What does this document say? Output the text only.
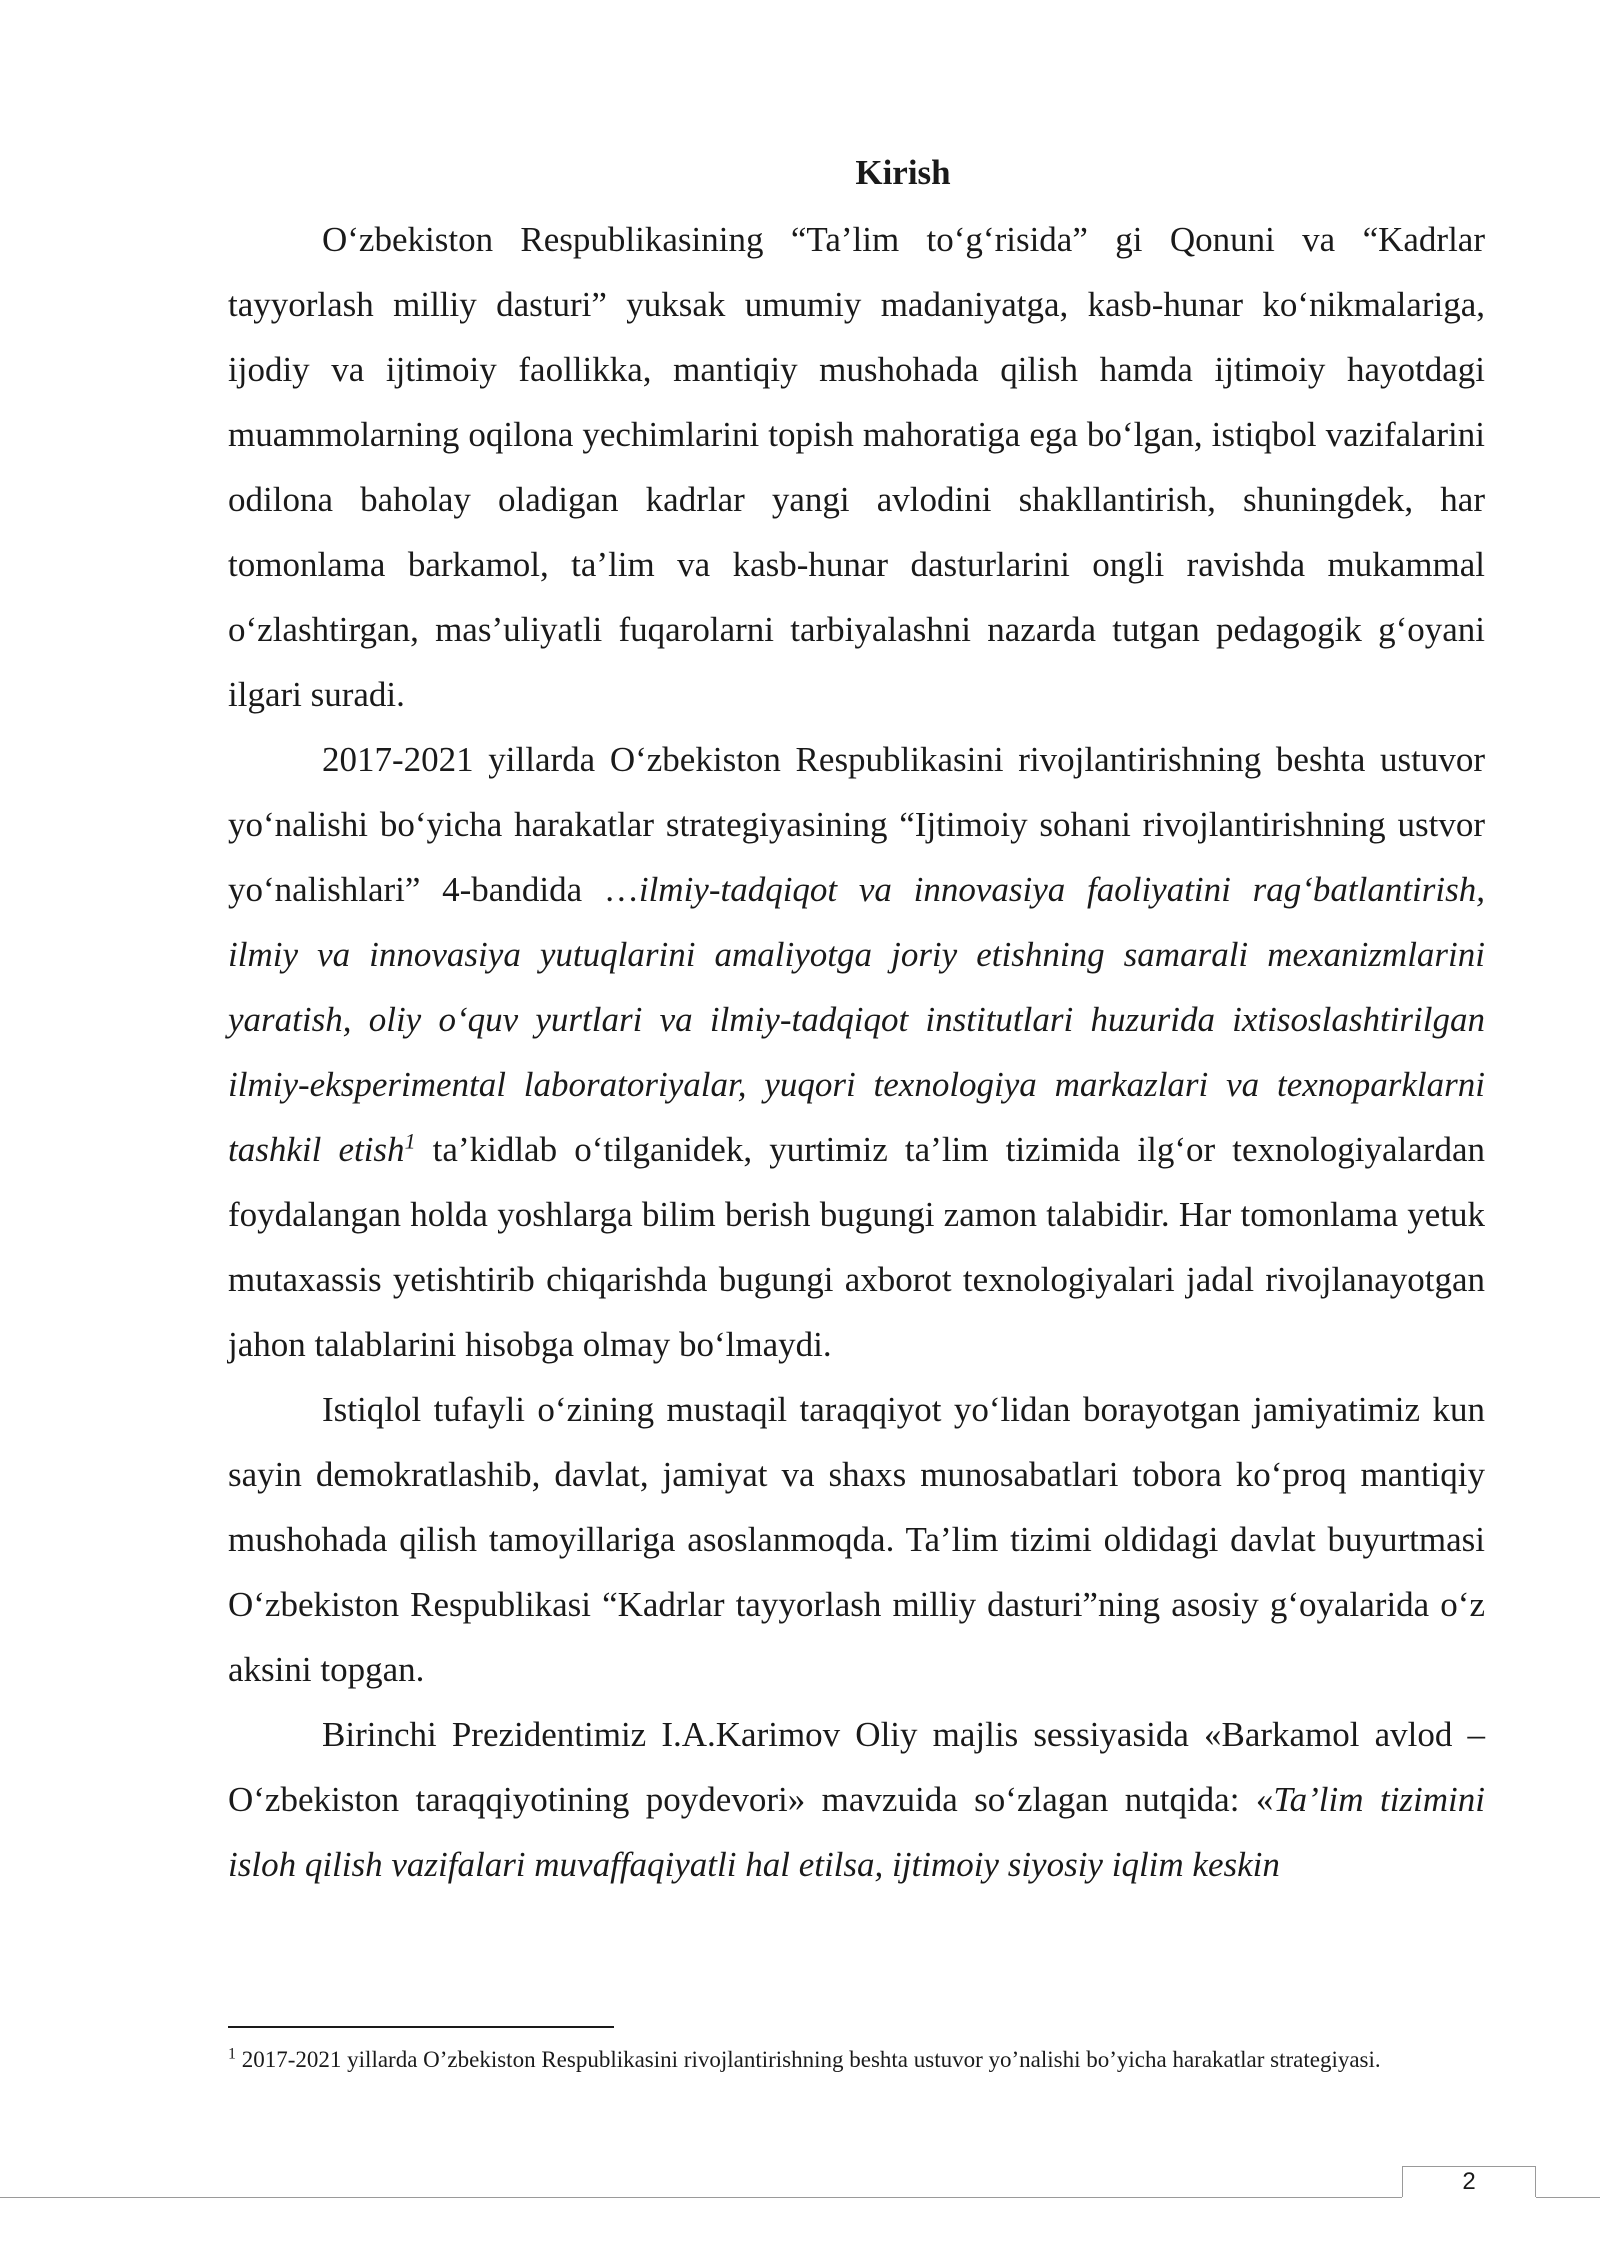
Kirish

O‘zbekiston Respublikasining “Ta’lim to‘g‘risida” gi Qonuni va “Kadrlar tayyorlash milliy dasturi” yuksak umumiy madaniyatga, kasb-hunar ko‘nikmalariga, ijodiy va ijtimoiy faollikka, mantiqiy mushohada qilish hamda ijtimoiy hayotdagi muammolarning oqilona yechimlarini topish mahoratiga ega bo‘lgan, istiqbol vazifalarini odilona baholay oladigan kadrlar yangi avlodini shakllantirish, shuningdek, har tomonlama barkamol, ta’lim va kasb-hunar dasturlarini ongli ravishda mukammal o‘zlashtirgan, mas’uliyatli fuqarolarni tarbiyalashni nazarda tutgan pedagogik g‘oyani ilgari suradi.

2017-2021 yillarda O‘zbekiston Respublikasini rivojlantirishning beshta ustuvor yo‘nalishi bo‘yicha harakatlar strategiyasining “Ijtimoiy sohani rivojlantirishning ustvor yo‘nalishlari” 4-bandida …ilmiy-tadqiqot va innovasiya faoliyatini rag‘batlantirish, ilmiy va innovasiya yutuqlarini amaliyotga joriy etishning samarali mexanizmlarini yaratish, oliy o‘quv yurtlari va ilmiy-tadqiqot institutlari huzurida ixtisoslashtirilgan ilmiy-eksperimental laboratoriyalar, yuqori texnologiya markazlari va texnoparklarni tashkil etish$^1$ ta’kidlab o‘tilganidek, yurtimiz ta’lim tizimida ilg‘or texnologiyalardan foydalangan holda yoshlarga bilim berish bugungi zamon talabidir. Har tomonlama yetuk mutaxassis yetishtirib chiqarishda bugungi axborot texnologiyalari jadal rivojlanayotgan jahon talablarini hisobga olmay bo‘lmaydi.

Istiqlol tufayli o‘zining mustaqil taraqqiyot yo‘lidan borayotgan jamiyatimiz kun sayin demokratlashib, davlat, jamiyat va shaxs munosabatlari tobora ko‘proq mantiqiy mushohada qilish tamoyillariga asoslanmoqda. Ta’lim tizimi oldidagi davlat buyurtmasi O‘zbekiston Respublikasi “Kadrlar tayyorlash milliy dasturi”ning asosiy g‘oyalarida o‘z aksini topgan.

Birinchi Prezidentimiz I.A.Karimov Oliy majlis sessiyasida «Barkamol avlod – O‘zbekiston taraqqiyotining poydevori» mavzuida so‘zlagan nutqida: «Ta’lim tizimini isloh qilish vazifalari muvaffaqiyatli hal etilsa, ijtimoiy siyosiy iqlim keskin

$^1$ 2017-2021 yillarda O’zbekiston Respublikasini rivojlantirishning beshta ustuvor yo’nalishi bo’yicha harakatlar strategiyasi.
2
